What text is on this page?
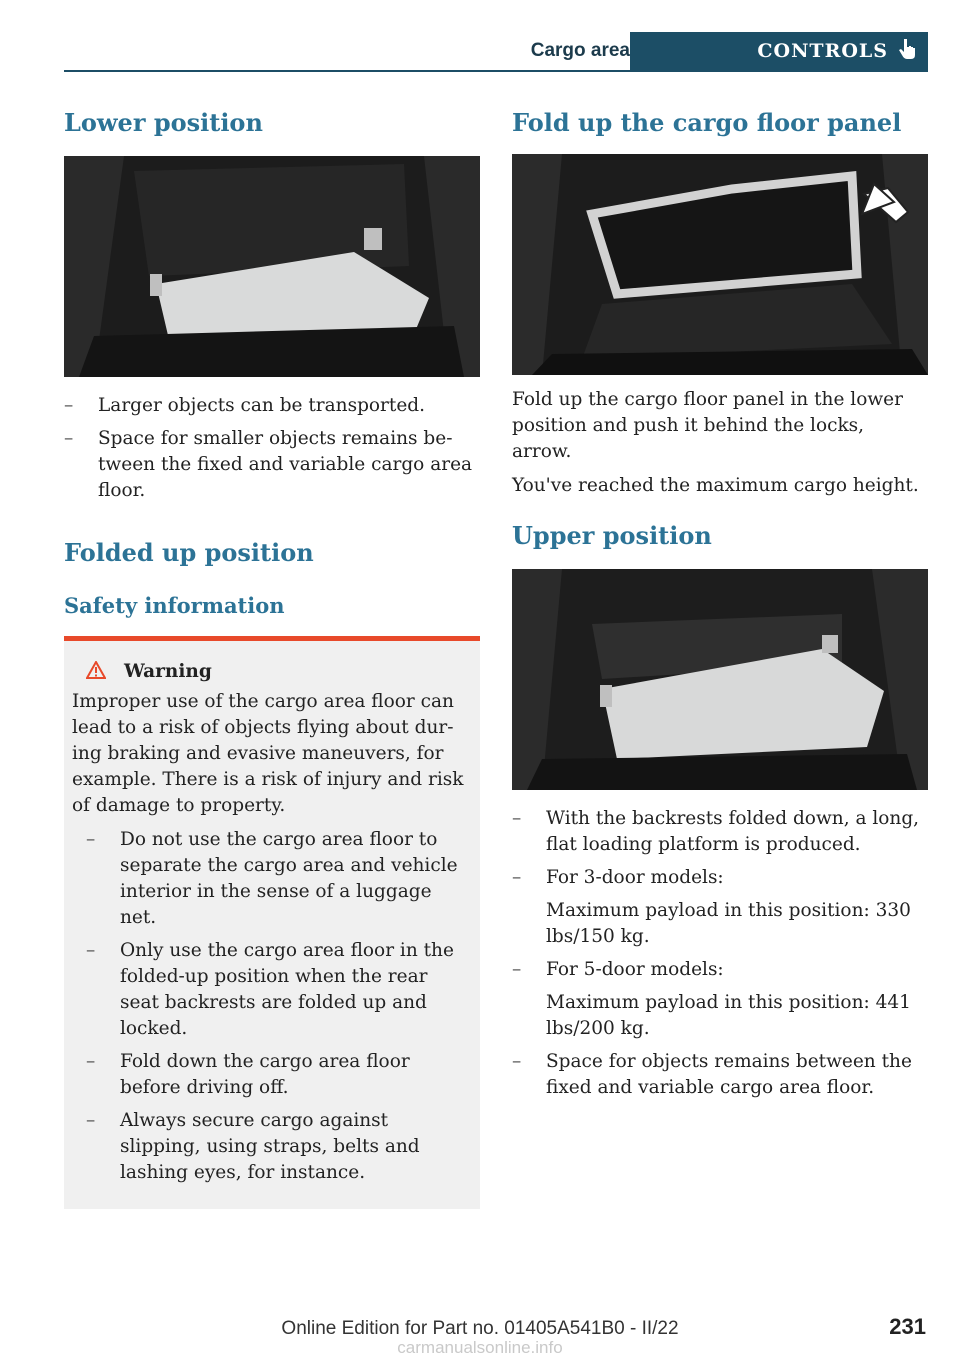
Cargo area	CONTROLS
Lower position
– Larger objects can be transported.
– Space for smaller objects remains be-tween the fixed and variable cargo area floor.
Folded up position
Safety information
Warning

Improper use of the cargo area floor can lead to a risk of objects flying about dur-ing braking and evasive maneuvers, for example. There is a risk of injury and risk of damage to property.

– Do not use the cargo area floor to separate the cargo area and vehicle interior in the sense of a luggage net.
– Only use the cargo area floor in the folded-up position when the rear seat backrests are folded up and locked.
– Fold down the cargo area floor before driving off.
– Always secure cargo against slipping, using straps, belts and lashing eyes, for instance.
Fold up the cargo floor panel

Fold up the cargo floor panel in the lower position and push it behind the locks, arrow.

You've reached the maximum cargo height.

Upper position
– With the backrests folded down, a long, flat loading platform is produced.
– For 3-door models:
Maximum payload in this position: 330 lbs/150 kg.
– For 5-door models:
Maximum payload in this position: 441 lbs/200 kg.
– Space for objects remains between the fixed and variable cargo area floor.
Online Edition for Part no. 01405A541B0 - II/22	231
carmanualsonline.info
